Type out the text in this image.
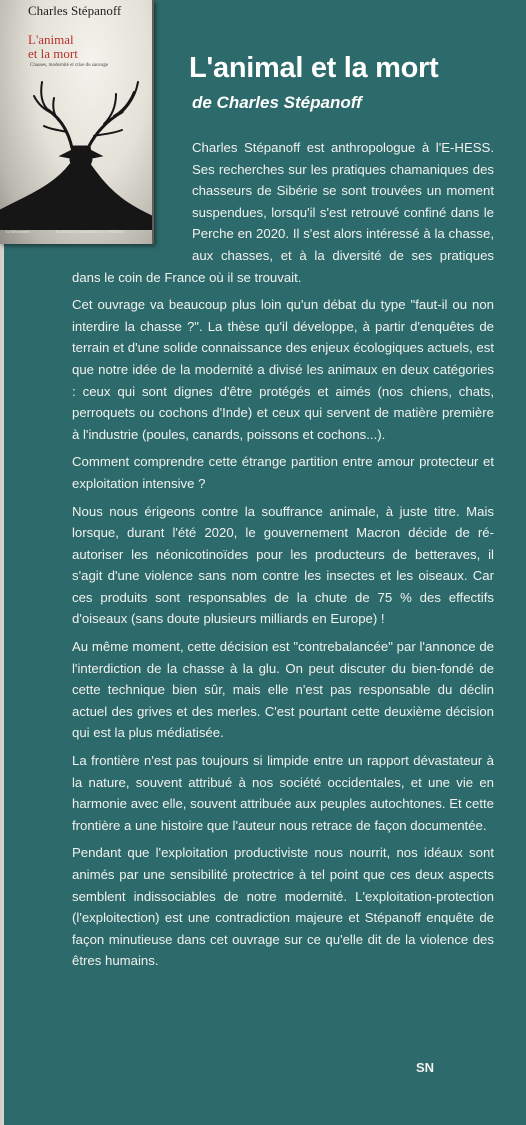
L'animal et la mort
de Charles Stépanoff

Charles Stépanoff est anthropologue à l'E-HESS. Ses recherches sur les pratiques chamaniques des chasseurs de Sibérie se sont trouvées un moment suspendues, lorsqu'il s'est retrouvé confiné dans le Perche en 2020. Il s'est alors intéressé à la chasse, aux chasses, et à la diversité de ses pratiques dans le coin de France où il se trouvait.

Cet ouvrage va beaucoup plus loin qu'un débat du type "faut-il ou non interdire la chasse ?". La thèse qu'il développe, à partir d'enquêtes de terrain et d'une solide connaissance des enjeux écologiques actuels, est que notre idée de la modernité a divisé les animaux en deux catégories : ceux qui sont dignes d'être protégés et aimés (nos chiens, chats, perroquets ou cochons d'Inde) et ceux qui servent de matière première à l'industrie (poules, canards, poissons et cochons...).

Comment comprendre cette étrange partition entre amour protecteur et exploitation intensive ?

Nous nous érigeons contre la souffrance animale, à juste titre. Mais lorsque, durant l'été 2020, le gouvernement Macron décide de ré-autoriser les néonicotinoïdes pour les producteurs de betteraves, il s'agit d'une violence sans nom contre les insectes et les oiseaux. Car ces produits sont responsables de la chute de 75 % des effectifs d'oiseaux (sans doute plusieurs milliards en Europe) !

Au même moment, cette décision est "contrebalancée" par l'annonce de l'interdiction de la chasse à la glu. On peut discuter du bien-fondé de cette technique bien sûr, mais elle n'est pas responsable du déclin actuel des grives et des merles. C'est pourtant cette deuxième décision qui est la plus médiatisée.

La frontière n'est pas toujours si limpide entre un rapport dévastateur à la nature, souvent attribué à nos société occidentales, et une vie en harmonie avec elle, souvent attribuée aux peuples autochtones. Et cette frontière a une histoire que l'auteur nous retrace de façon documentée.

Pendant que l'exploitation productiviste nous nourrit, nos idéaux sont animés par une sensibilité protectrice à tel point que ces deux aspects semblent indissociables de notre modernité. L'exploitation-protection (l'exploitection) est une contradiction majeure et Stépanoff enquête de façon minutieuse dans cet ouvrage sur ce qu'elle dit de la violence des êtres humains.

SN
Charles Stépanoff
L'animal
et la mort
Chasses, modernité et crise du sauvage
La Découverte	SCIENCES HUMAINES DU PRÉSENT
